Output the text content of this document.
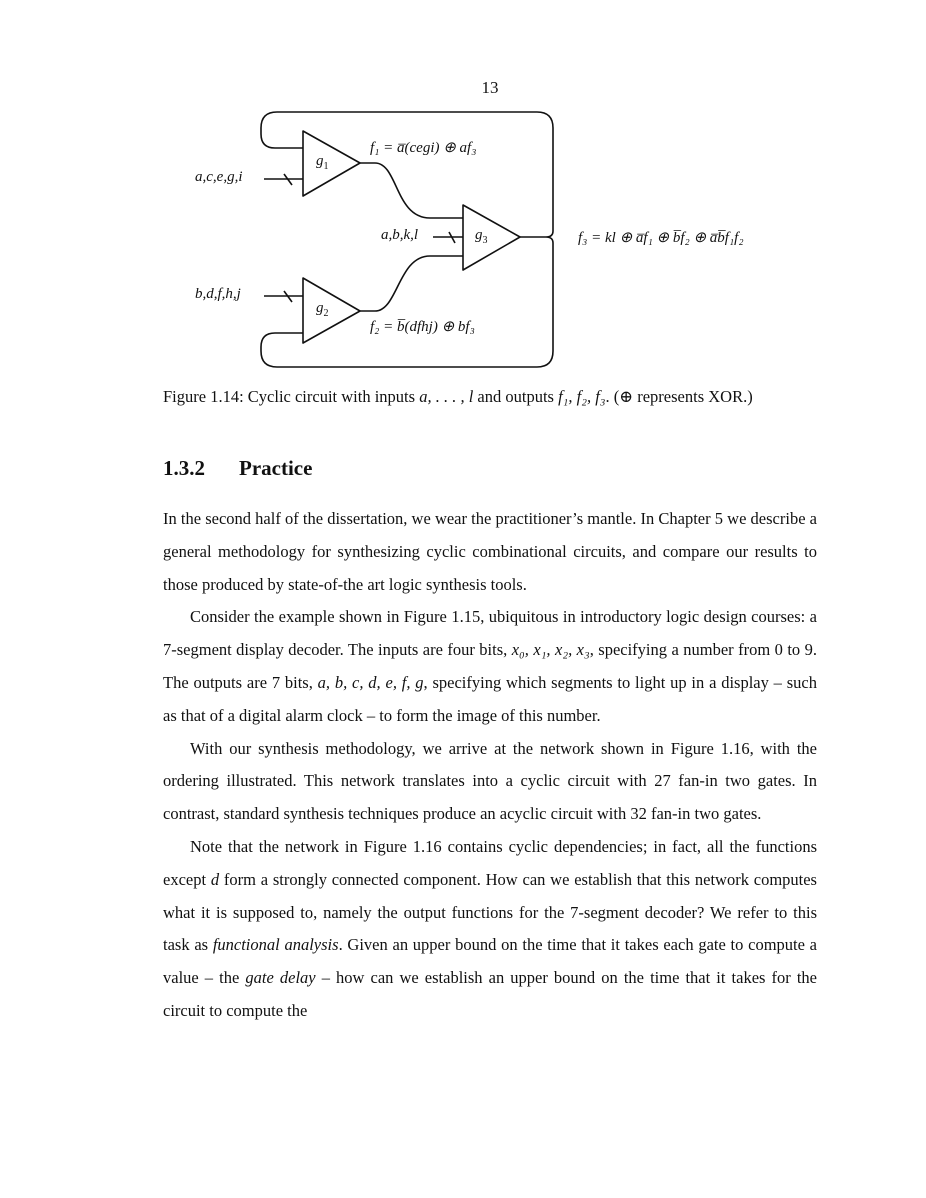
13
$g_1$
$g_2$
$g_3$
a,c,e,g,i
b,d,f,h,j
a,b,k,l
f₁ = a̅(cegi) ⊕ af₃
f₂ = b̅(dfhj) ⊕ bf₃
f₃ = kl ⊕ a̅f₁ ⊕ b̅f₂ ⊕ a̅b̅f₁f₂
Figure 1.14: Cyclic circuit with inputs a, . . . , l and outputs f₁, f₂, f₃. (⊕ represents XOR.)
1.3.2 Practice

In the second half of the dissertation, we wear the practitioner’s mantle. In Chapter 5 we describe a general methodology for synthesizing cyclic combinational circuits, and compare our results to those produced by state-of-the art logic synthesis tools.

Consider the example shown in Figure 1.15, ubiquitous in introductory logic design courses: a 7-segment display decoder. The inputs are four bits, x₀, x₁, x₂, x₃, specifying a number from 0 to 9. The outputs are 7 bits, a, b, c, d, e, f, g, specifying which segments to light up in a display – such as that of a digital alarm clock – to form the image of this number.

With our synthesis methodology, we arrive at the network shown in Figure 1.16, with the ordering illustrated. This network translates into a cyclic circuit with 27 fan-in two gates. In contrast, standard synthesis techniques produce an acyclic circuit with 32 fan-in two gates.

Note that the network in Figure 1.16 contains cyclic dependencies; in fact, all the functions except d form a strongly connected component. How can we establish that this network computes what it is supposed to, namely the output functions for the 7-segment decoder? We refer to this task as functional analysis. Given an upper bound on the time that it takes each gate to compute a value – the gate delay – how can we establish an upper bound on the time that it takes for the circuit to compute the
